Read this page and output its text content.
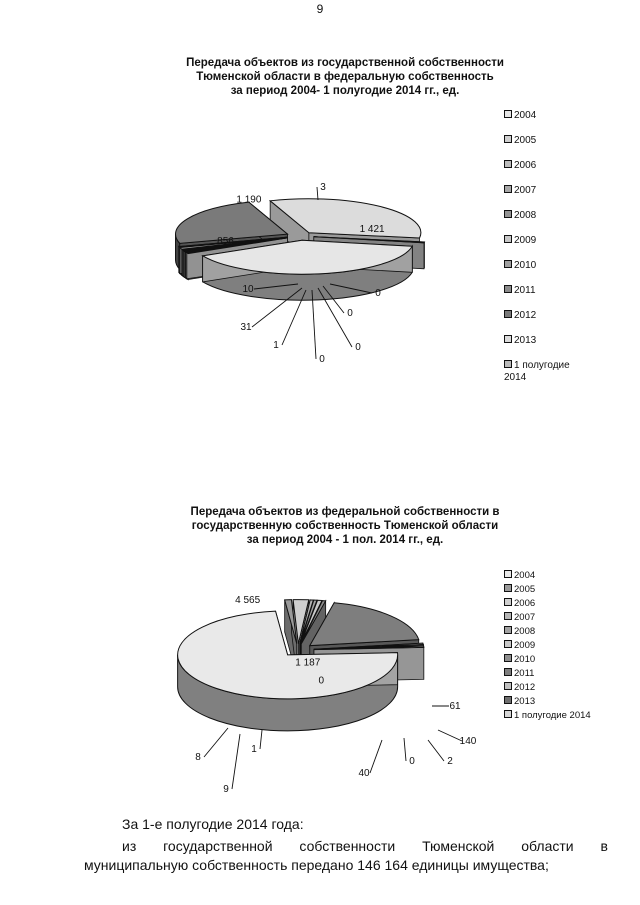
9
Передача объектов из государственной собственности
Тюменской области в федеральную собственность
за период 2004- 1 полугодие 2014 гг., ед.
Передача объектов из федеральной собственности в
государственную собственность Тюменской области
за период 2004 - 1 пол. 2014 гг., ед.
1 421
0
0
0
0
1
31
10
856
1 190
3
4 565
61
140
2
0
40
0
1 187
1
9
8
2004
2005
2006
2007
2008
2009
2010
2011
2012
2013
1 полугодие
2014
2004
2005
2006
2007
2008
2009
2010
2011
2012
2013
1 полугодие 2014
За 1-е полугодие 2014 года:
из государственной собственности Тюменской области в
муниципальную собственность передано 146 164 единицы имущества;
